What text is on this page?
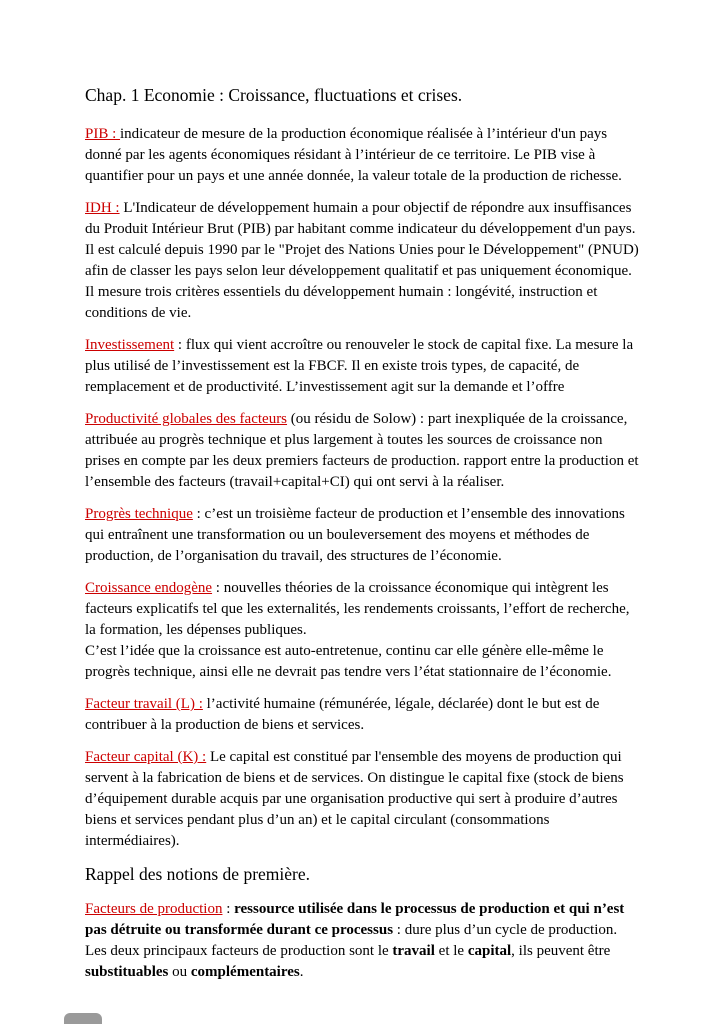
Chap. 1 Economie : Croissance, fluctuations et crises.

PIB : indicateur de mesure de la production économique réalisée à l’intérieur d'un pays donné par les agents économiques résidant à l’intérieur de ce territoire. Le PIB vise à quantifier pour un pays et une année donnée, la valeur totale de la production de richesse.

IDH : L'Indicateur de développement humain a pour objectif de répondre aux insuffisances du Produit Intérieur Brut (PIB) par habitant comme indicateur du développement d'un pays. Il est calculé depuis 1990 par le "Projet des Nations Unies pour le Développement" (PNUD) afin de classer les pays selon leur développement qualitatif et pas uniquement économique. Il mesure trois critères essentiels du développement humain : longévité, instruction et conditions de vie.

Investissement : flux qui vient accroître ou renouveler le stock de capital fixe. La mesure la plus utilisé de l’investissement est la FBCF. Il en existe trois types, de capacité, de remplacement et de productivité. L’investissement agit sur la demande et l’offre

Productivité globales des facteurs (ou résidu de Solow) : part inexpliquée de la croissance, attribuée au progrès technique et plus largement à toutes les sources de croissance non prises en compte par les deux premiers facteurs de production. rapport entre la production et l’ensemble des facteurs (travail+capital+CI) qui ont servi à la réaliser.

Progrès technique : c’est un troisième facteur de production et l’ensemble des innovations qui entraînent une transformation ou un bouleversement des moyens et méthodes de production, de l’organisation du travail, des structures de l’économie.

Croissance endogène : nouvelles théories de la croissance économique qui intègrent les facteurs explicatifs tel que les externalités, les rendements croissants, l’effort de recherche, la formation, les dépenses publiques.
C’est l’idée que la croissance est auto-entretenue, continu car elle génère elle-même le progrès technique, ainsi elle ne devrait pas tendre vers l’état stationnaire de l’économie.

Facteur travail (L) : l’activité humaine (rémunérée, légale, déclarée) dont le but est de contribuer à la production de biens et services.

Facteur capital (K) : Le capital est constitué par l'ensemble des moyens de production qui servent à la fabrication de biens et de services. On distingue le capital fixe (stock de biens d’équipement durable acquis par une organisation productive qui sert à produire d’autres biens et services pendant plus d’un an) et le capital circulant (consommations intermédiaires).

Rappel des notions de première.

Facteurs de production : ressource utilisée dans le processus de production et qui n’est pas détruite ou transformée durant ce processus : dure plus d’un cycle de production. Les deux principaux facteurs de production sont le travail et le capital, ils peuvent être substituables ou complémentaires.
